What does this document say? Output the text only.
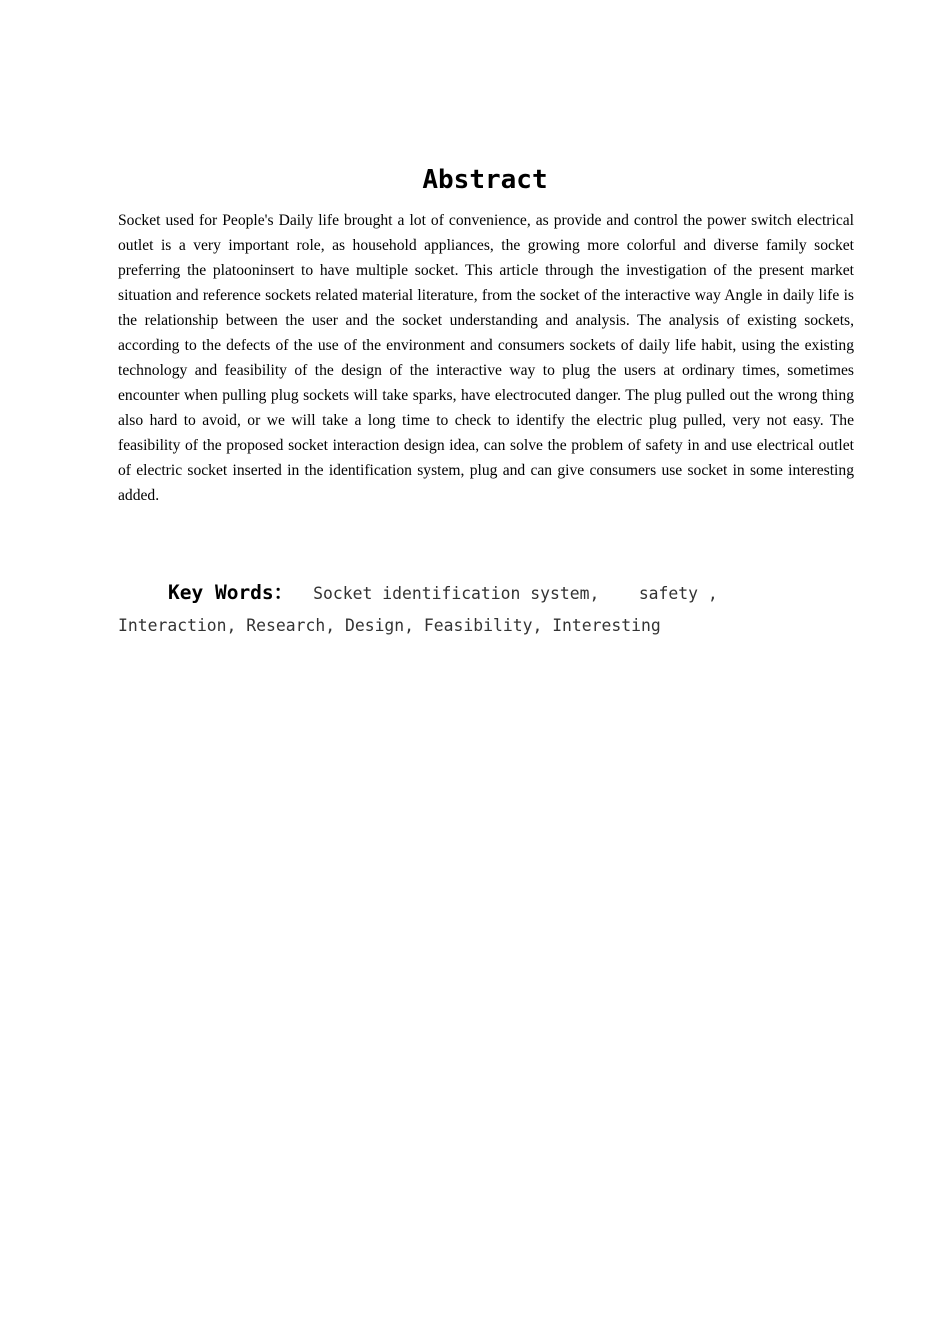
Abstract

Socket used for People's Daily life brought a lot of convenience, as provide and control the power switch electrical outlet is a very important role, as household appliances, the growing more colorful and diverse family socket preferring the platooninsert to have multiple socket. This article through the investigation of the present market situation and reference sockets related material literature, from the socket of the interactive way Angle in daily life is the relationship between the user and the socket understanding and analysis. The analysis of existing sockets, according to the defects of the use of the environment and consumers sockets of daily life habit, using the existing technology and feasibility of the design of the interactive way to plug the users at ordinary times, sometimes encounter when pulling plug sockets will take sparks, have electrocuted danger. The plug pulled out the wrong thing also hard to avoid, or we will take a long time to check to identify the electric plug pulled, very not easy. The feasibility of the proposed socket interaction design idea, can solve the problem of safety in and use electrical outlet of electric socket inserted in the identification system, plug and can give consumers use socket in some interesting added.

Key Words： Socket identification system,    safety ,
Interaction, Research, Design, Feasibility, Interesting
